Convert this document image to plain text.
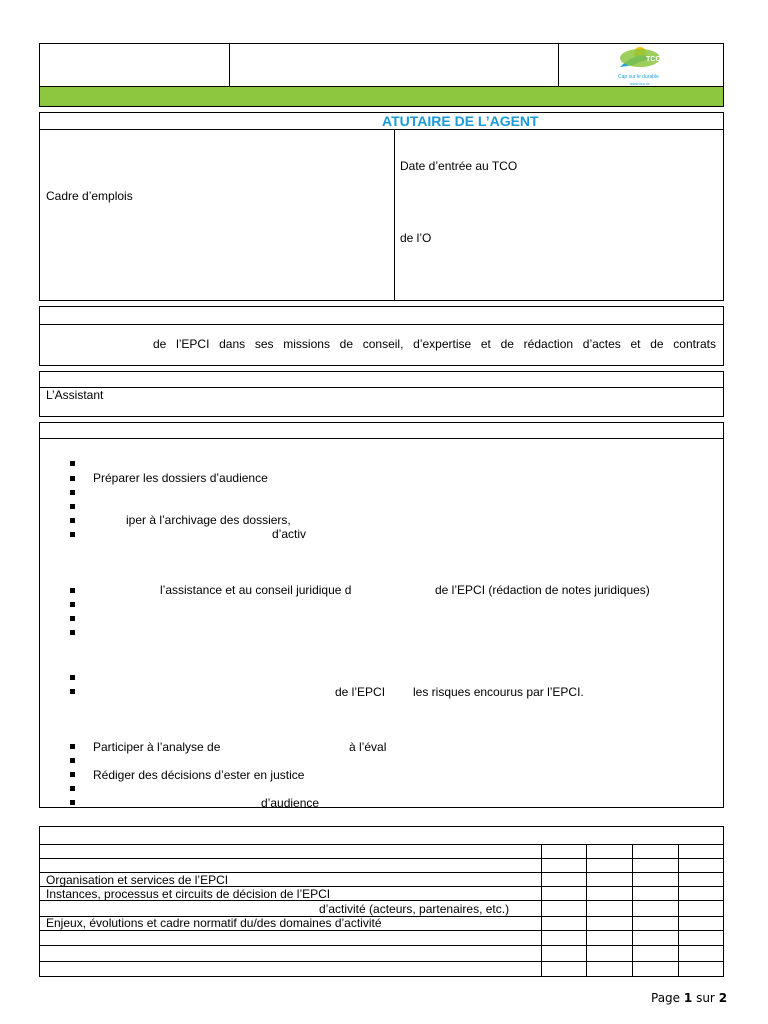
TCO
Cap sur le durable
www.tco.re
ATUTAIRE DE L’AGENT
Cadre d’emplois
Date d’entrée au TCO
de l’O
de l’EPCI dans ses missions de conseil, d’expertise et de rédaction d’actes et de contrats
L’Assistant
Préparer les dossiers d’audience
iper à l’archivage des dossiers,
d’activ
l’assistance et au conseil juridique d	de l’EPCI (rédaction de notes juridiques)
de l’EPCI les risques encourus par l’EPCI.
Participer à l’analyse de	à l’éval
Rédiger des décisions d’ester en justice
d’audience
Organisation et services de l’EPCI
Instances, processus et circuits de décision de l’EPCI
d’activité (acteurs, partenaires, etc.)
Enjeux, évolutions et cadre normatif du/des domaines d’activité
Page 1 sur 2
